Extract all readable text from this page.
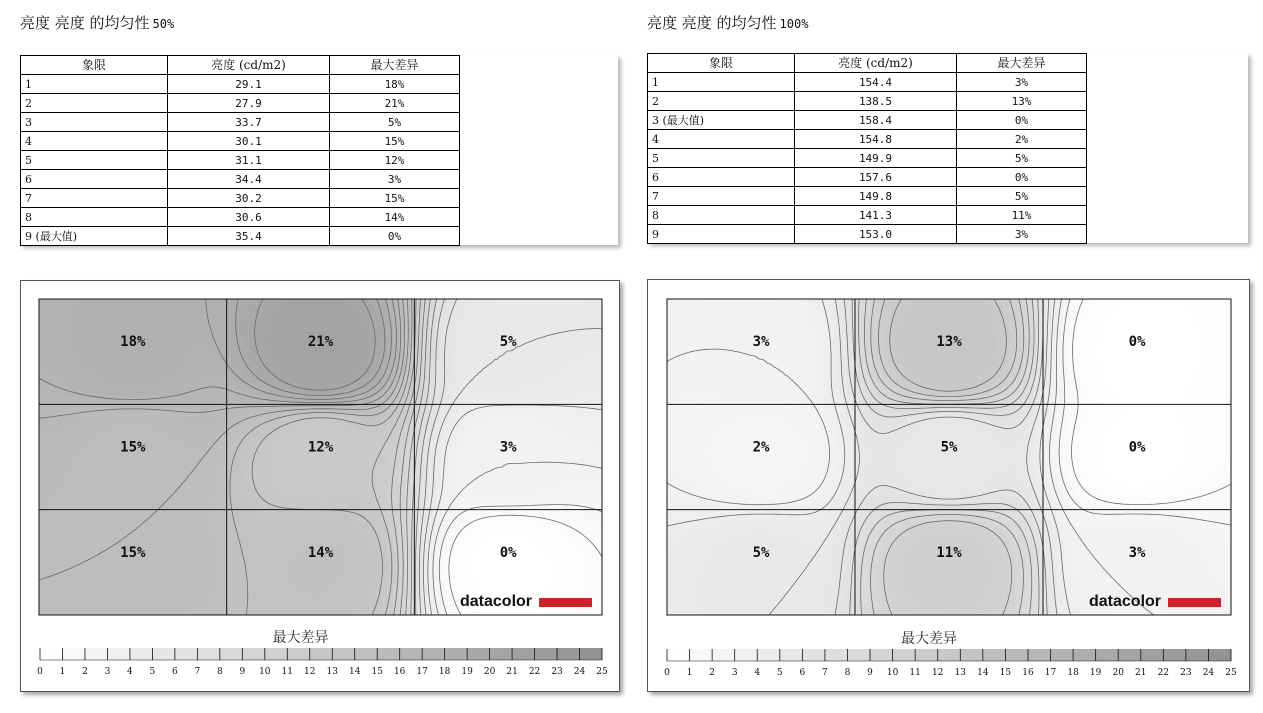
亮度 亮度 的均匀性 50%	亮度 亮度 的均匀性 100%
象限	亮度 (cd/m2)	最大差异
1	29.1	18%
2	27.9	21%
3	33.7	5%
4	30.1	15%
5	31.1	12%
6	34.4	3%
7	30.2	15%
8	30.6	14%
9 (最大值)	35.4	0%
象限	亮度 (cd/m2)	最大差异
1	154.4	3%
2	138.5	13%
3 (最大值)	158.4	0%
4	154.8	2%
5	149.9	5%
6	157.6	0%
7	149.8	5%
8	141.3	11%
9	153.0	3%
18%	21%	5%
15%	12%	3%
15%	14%	0%
datacolor
最大差异
0 1 2 3 4 5 6 7 8 9 10 11 12 13 14 15 16 17 18 19 20 21 22 23 24 25
3%	13%	0%
2%	5%	0%
5%	11%	3%
datacolor
最大差异
0 1 2 3 4 5 6 7 8 9 10 11 12 13 14 15 16 17 18 19 20 21 22 23 24 25
